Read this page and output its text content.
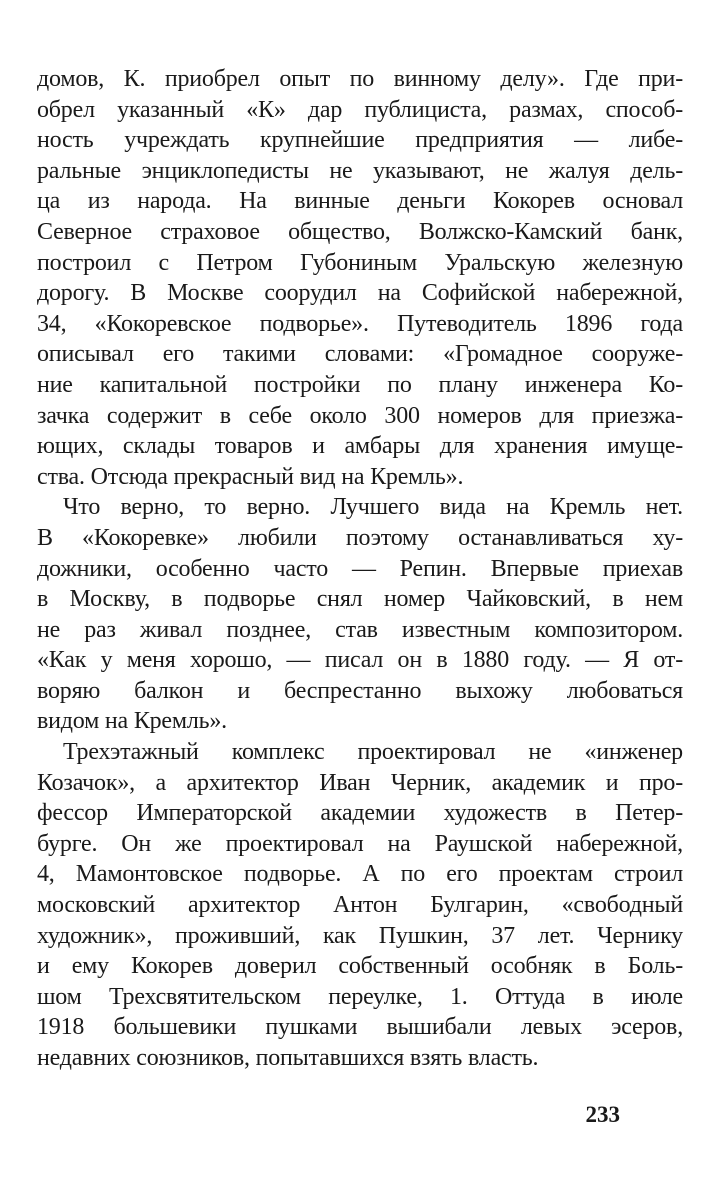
домов, К. приобрел опыт по винному делу». Где при-
обрел указанный «К» дар публициста, размах, способ-
ность учреждать крупнейшие предприятия — либе-
ральные энциклопедисты не указывают, не жалуя дель-
ца из народа. На винные деньги Кокорев основал
Северное страховое общество, Волжско-Камский банк,
построил с Петром Губониным Уральскую железную
дорогу. В Москве соорудил на Софийской набережной,
34, «Кокоревское подворье». Путеводитель 1896 года
описывал его такими словами: «Громадное сооруже-
ние капитальной постройки по плану инженера Ко-
зачка содержит в себе около 300 номеров для приезжа-
ющих, склады товаров и амбары для хранения имуще-
ства. Отсюда прекрасный вид на Кремль».
Что верно, то верно. Лучшего вида на Кремль нет.
В «Кокоревке» любили поэтому останавливаться ху-
дожники, особенно часто — Репин. Впервые приехав
в Москву, в подворье снял номер Чайковский, в нем
не раз живал позднее, став известным композитором.
«Как у меня хорошо, — писал он в 1880 году. — Я от-
воряю балкон и беспрестанно выхожу любоваться
видом на Кремль».
Трехэтажный комплекс проектировал не «инженер
Козачок», а архитектор Иван Черник, академик и про-
фессор Императорской академии художеств в Петер-
бурге. Он же проектировал на Раушской набережной,
4, Мамонтовское подворье. А по его проектам строил
московский архитектор Антон Булгарин, «свободный
художник», проживший, как Пушкин, 37 лет. Чернику
и ему Кокорев доверил собственный особняк в Боль-
шом Трехсвятительском переулке, 1. Оттуда в июле
1918 большевики пушками вышибали левых эсеров,
недавних союзников, попытавшихся взять власть.
233
